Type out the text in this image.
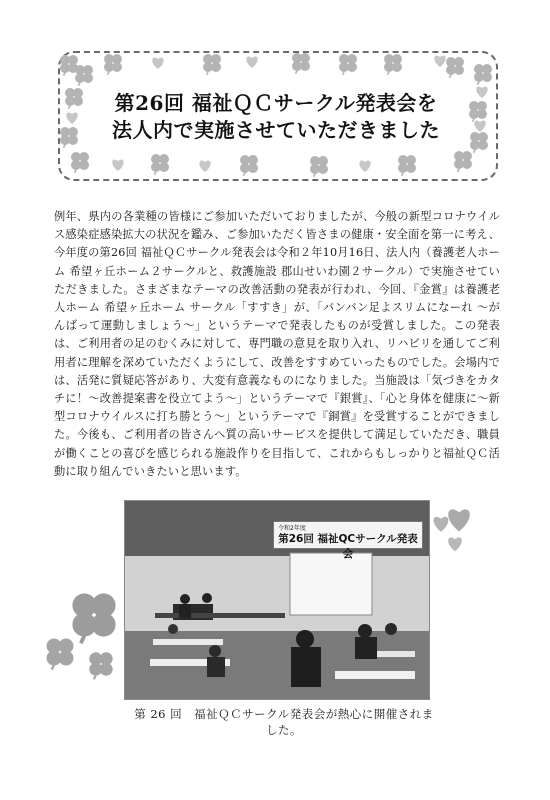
第26回 福祉ＱＣサークル発表会を
法人内で実施させていただきました
例年、県内の各業種の皆様にご参加いただいておりましたが、今般の新型コロナウイルス感染症感染拡大の状況を鑑み、ご参加いただく皆さまの健康・安全面を第一に考え、今年度の第26回 福祉ＱＣサークル発表会は令和２年10月16日、法人内（養護老人ホーム 希望ヶ丘ホーム２サークルと、救護施設 郡山せいわ園２サークル）で実施させていただきました。さまざまなテーマの改善活動の発表が行われ、今回、『金賞』は養護老人ホーム 希望ヶ丘ホーム サークル「すすき」が、「バンバン足よスリムになーれ ～がんばって運動しましょう～」というテーマで発表したものが受賞しました。この発表は、ご利用者の足のむくみに対して、専門職の意見を取り入れ、リハビリを通してご利用者に理解を深めていただくようにして、改善をすすめていったものでした。会場内では、活発に質疑応答があり、大変有意義なものになりました。当施設は「気づきをカタチに！～改善提案書を役立てよう～」というテーマで『銀賞』、「心と身体を健康に～新型コロナウイルスに打ち勝とう～」というテーマで『銅賞』を受賞することができました。今後も、ご利用者の皆さんへ質の高いサービスを提供して満足していただき、職員が働くことの喜びを感じられる施設作りを目指して、これからもしっかりと福祉ＱＣ活動に取り組んでいきたいと思います。
令和2年度
第26回 福祉QCサークル発表会
第 26 回　福祉ＱＣサークル発表会が熱心に開催されました。
